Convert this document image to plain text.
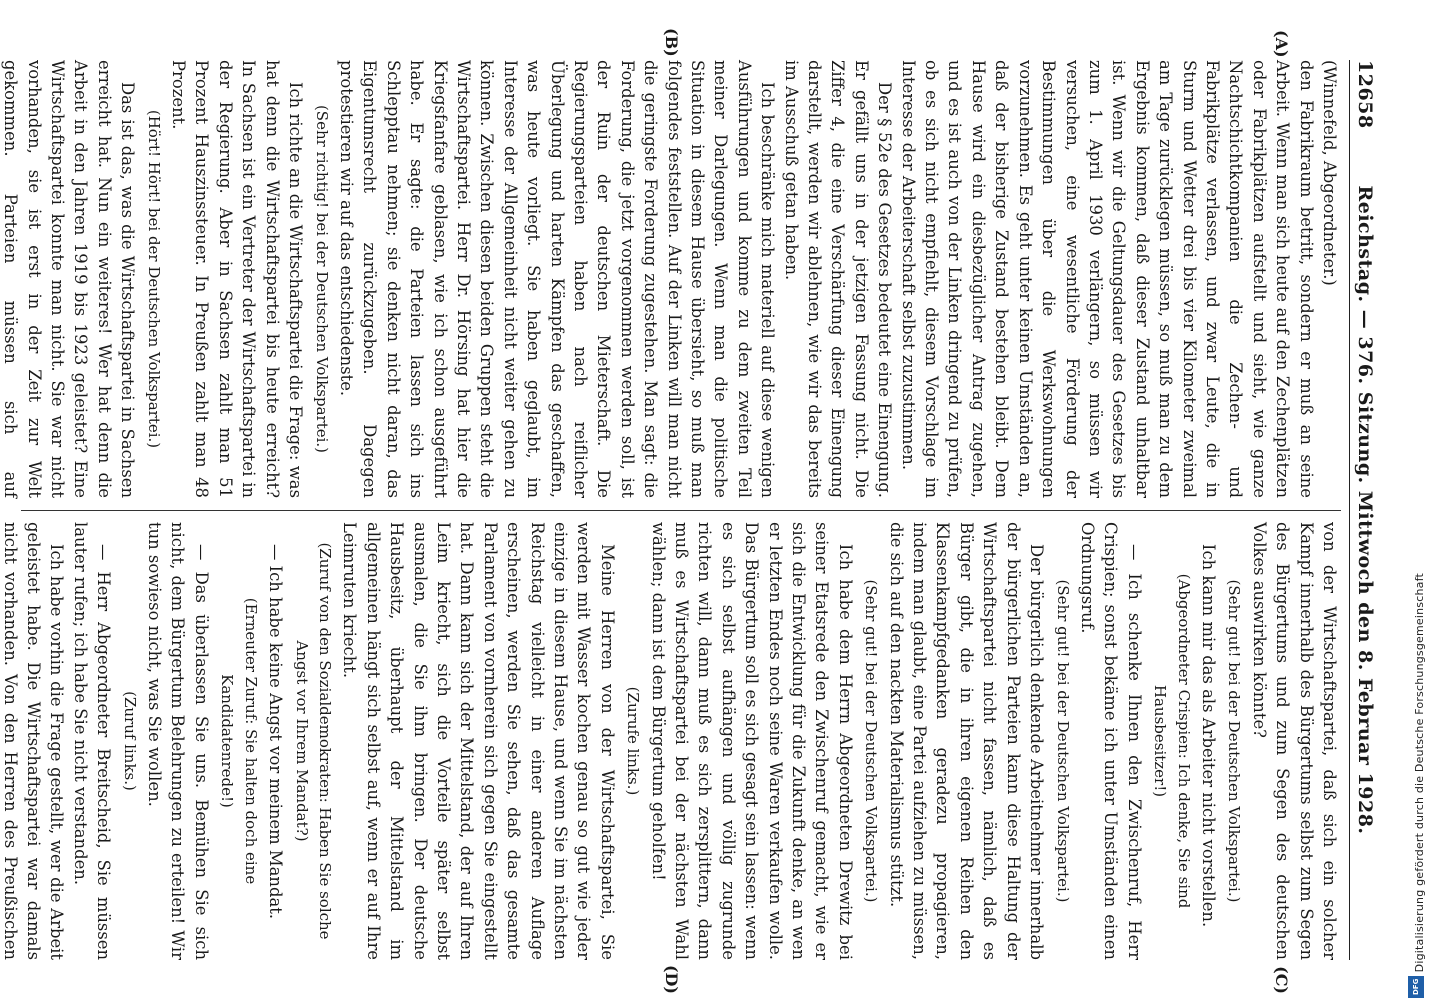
12658
Reichstag. — 376. Sitzung. Mittwoch den 8. Februar 1928.

(Winnefeld, Abgeordneter.)

den Fabrikraum betritt, sondern er muß an seine Arbeit. Wenn man sich heute auf den Zechenplätzen oder Fabrikplätzen aufstellt und sieht, wie ganze Nachtschichtkompanien die Zechen- und Fabrikplätze verlassen, und zwar Leute, die in Sturm und Wetter drei bis vier Kilometer zweimal am Tage zurücklegen müssen, so muß man zu dem Ergebnis kommen, daß dieser Zustand unhaltbar ist. Wenn wir die Geltungsdauer des Gesetzes bis zum 1. April 1930 verlängern, so müssen wir versuchen, eine wesentliche Förderung der Bestimmungen über die Werkswohnungen vorzunehmen. Es geht unter keinen Umständen an, daß der bisherige Zustand bestehen bleibt. Dem Hause wird ein diesbezüglicher Antrag zugehen, und es ist auch von der Linken dringend zu prüfen, ob es sich nicht empfiehlt, diesem Vorschlage im Interesse der Arbeiterschaft selbst zuzustimmen.

Der § 52e des Gesetzes bedeutet eine Einengung. Er gefällt uns in der jetzigen Fassung nicht. Die Ziffer 4, die eine Verschärfung dieser Einengung darstellt, werden wir ablehnen, wie wir das bereits im Ausschuß getan haben.

Ich beschränke mich materiell auf diese wenigen Ausführungen und komme zu dem zweiten Teil meiner Darlegungen. Wenn man die politische Situation in diesem Hause übersieht, so muß man folgendes feststellen. Auf der Linken will man nicht die geringste Forderung zugestehen. Man sagt: die Forderung, die jetzt vorgenommen werden soll, ist der Ruin der deutschen Mieterschaft. Die Regierungsparteien haben nach reiflicher Überlegung und harten Kämpfen das geschaffen, was heute vorliegt. Sie haben geglaubt, im Interesse der Allgemeinheit nicht weiter gehen zu können. Zwischen diesen beiden Gruppen steht die Wirtschaftspartei. Herr Dr. Hörsing hat hier die Kriegsfanfare geblasen, wie ich schon ausgeführt habe. Er sagte: die Parteien lassen sich ins Schlepptau nehmen; sie denken nicht daran, das Eigentumsrecht zurückzugeben. Dagegen protestieren wir auf das entschiedenste.

(Sehr richtig! bei der Deutschen Volkspartei.)

Ich richte an die Wirtschaftspartei die Frage: was hat denn die Wirtschaftspartei bis heute erreicht? In Sachsen ist ein Vertreter der Wirtschaftspartei in der Regierung. Aber in Sachsen zahlt man 51 Prozent Hauszinssteuer. In Preußen zahlt man 48 Prozent.

(Hört! Hört! bei der Deutschen Volkspartei.)

Das ist das, was die Wirtschaftspartei in Sachsen erreicht hat. Nun ein weiteres! Wer hat denn die Arbeit in den Jahren 1919 bis 1923 geleistet? Eine Wirtschaftspartei konnte man nicht. Sie war nicht vorhanden, sie ist erst in der Zeit zur Welt gekommen. Parteien müssen sich auf

von der Wirtschaftspartei, daß sich ein solcher Kampf innerhalb des Bürgertums selbst zum Segen des Bürgertums und zum Segen des deutschen Volkes auswirken könnte?

(Sehr gut! bei der Deutschen Volkspartei.)

Ich kann mir das als Arbeiter nicht vorstellen.

(Abgeordneter Crispien: Ich denke, Sie sind Hausbesitzer!)

— Ich schenke Ihnen den Zwischenruf, Herr Crispien; sonst bekäme ich unter Umständen einen Ordnungsruf.

(Sehr gut! bei der Deutschen Volkspartei.)

Der bürgerlich denkende Arbeitnehmer innerhalb der bürgerlichen Parteien kann diese Haltung der Wirtschaftspartei nicht fassen, nämlich, daß es Bürger gibt, die in ihren eigenen Reihen den Klassenkampfgedanken geradezu propagieren, indem man glaubt, eine Partei aufziehen zu müssen, die sich auf den nackten Materialismus stützt.

(Sehr gut! bei der Deutschen Volkspartei.)

Ich habe dem Herrn Abgeordneten Drewitz bei seiner Etatsrede den Zwischenruf gemacht, wie er sich die Entwicklung für die Zukunft denke, an wen er letzten Endes noch seine Waren verkaufen wolle. Das Bürgertum soll es sich gesagt sein lassen: wenn es sich selbst aufhängen und völlig zugrunde richten will, dann muß es sich zersplittern, dann muß es Wirtschaftspartei bei der nächsten Wahl wählen; dann ist dem Bürgertum geholfen!

(Zurufe links.)

Meine Herren von der Wirtschaftspartei, Sie werden mit Wasser kochen genau so gut wie jeder einzige in diesem Hause, und wenn Sie im nächsten Reichstag vielleicht in einer anderen Auflage erscheinen, werden Sie sehen, daß das gesamte Parlament von vornherein sich gegen Sie eingestellt hat. Dann kann sich der Mittelstand, der auf Ihren Leim kriecht, sich die Vorteile später selbst ausmalen, die Sie ihm bringen. Der deutsche Hausbesitz, überhaupt der Mittelstand im allgemeinen hängt sich selbst auf, wenn er auf Ihre Leimruten kriecht.

(Zuruf von den Sozialdemokraten: Haben Sie solche Angst vor Ihrem Mandat?)

— Ich habe keine Angst vor meinem Mandat.

(Erneuter Zuruf: Sie halten doch eine Kandidatenrede!)

— Das überlassen Sie uns. Bemühen Sie sich nicht, dem Bürgertum Belehrungen zu erteilen! Wir tun sowieso nicht, was Sie wollen.

(Zuruf links.)

— Herr Abgeordneter Breitscheid, Sie müssen lauter rufen; ich habe Sie nicht verstanden.

Ich habe vorhin die Frage gestellt, wer die Arbeit geleistet habe. Die Wirtschaftspartei war damals nicht vorhanden. Von den Herren des Preußischen

(A)
(B)
(C)
(D)
Digitalisierung gefördert durch die Deutsche Forschungsgemeinschaft
DFG
